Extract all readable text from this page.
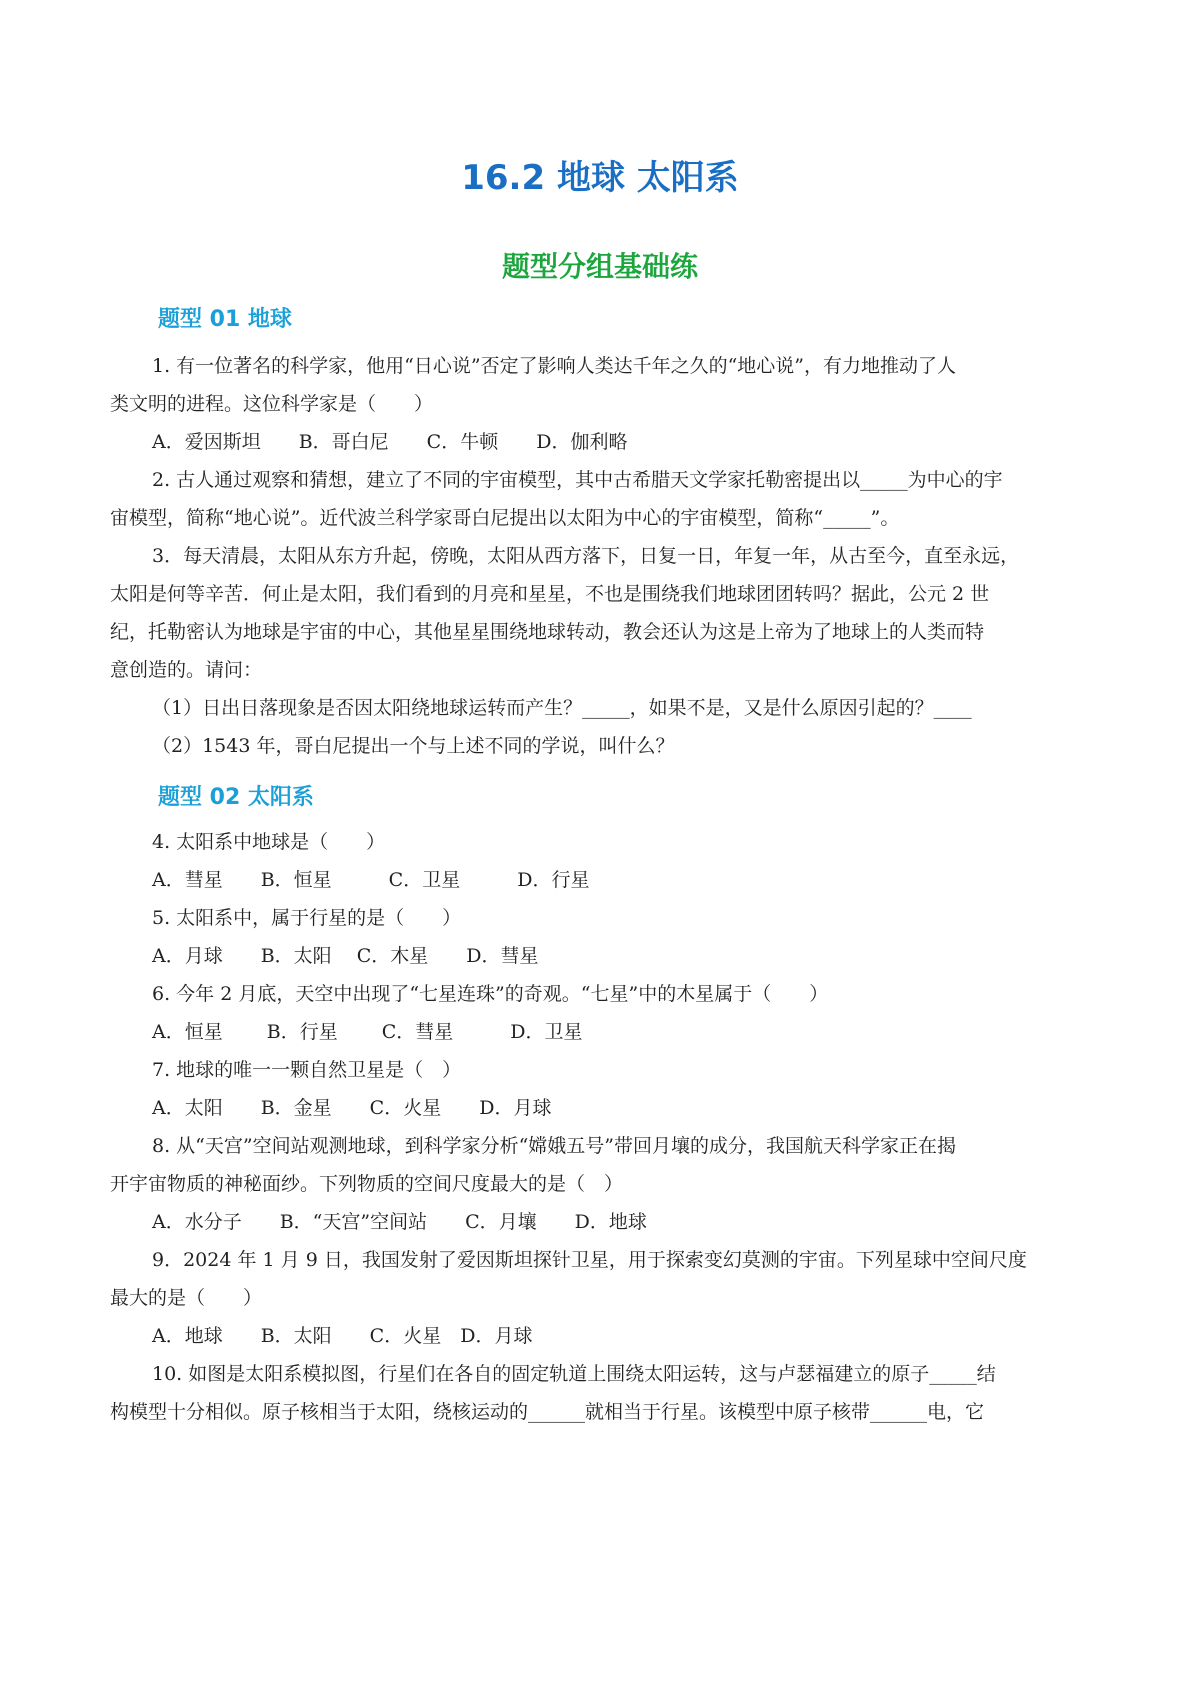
16.2 地球 太阳系
题型分组基础练
题型 01 地球
1. 有一位著名的科学家，他用“日心说”否定了影响人类达千年之久的“地心说”，有力地推动了人
类文明的进程。这位科学家是（　　）
A．爱因斯坦　　B．哥白尼　　C．牛顿　　D．伽利略
2. 古人通过观察和猜想，建立了不同的宇宙模型，其中古希腊天文学家托勒密提出以_____为中心的宇
宙模型，简称“地心说”。近代波兰科学家哥白尼提出以太阳为中心的宇宙模型，简称“_____”。
3．每天清晨，太阳从东方升起，傍晚，太阳从西方落下，日复一日，年复一年，从古至今，直至永远，
太阳是何等辛苦．何止是太阳，我们看到的月亮和星星，不也是围绕我们地球团团转吗？据此，公元 2 世
纪，托勒密认为地球是宇宙的中心，其他星星围绕地球转动，教会还认为这是上帝为了地球上的人类而特
意创造的。请问：
（1）日出日落现象是否因太阳绕地球运转而产生？_____，如果不是，又是什么原因引起的？____
（2）1543 年，哥白尼提出一个与上述不同的学说，叫什么？
题型 02 太阳系
4. 太阳系中地球是（　　）
A．彗星　　B．恒星　　　C．卫星　　　D．行星
5. 太阳系中，属于行星的是（　　）
A．月球　　B．太阳　 C．木星　　D．彗星
6. 今年 2 月底，天空中出现了“七星连珠”的奇观。“七星”中的木星属于（　　）
A．恒星　　 B．行星　　 C．彗星　　　D．卫星
7. 地球的唯一一颗自然卫星是（　）
A．太阳　　B．金星　　C．火星　　D．月球
8. 从“天宫”空间站观测地球，到科学家分析“嫦娥五号”带回月壤的成分，我国航天科学家正在揭
开宇宙物质的神秘面纱。下列物质的空间尺度最大的是（　）
A．水分子　　B．“天宫”空间站　　C．月壤　　D．地球
9．2024 年 1 月 9 日，我国发射了爱因斯坦探针卫星，用于探索变幻莫测的宇宙。下列星球中空间尺度
最大的是（　　）
A．地球　　B．太阳　　C．火星　D．月球
10. 如图是太阳系模拟图，行星们在各自的固定轨道上围绕太阳运转，这与卢瑟福建立的原子_____结
构模型十分相似。原子核相当于太阳，绕核运动的______就相当于行星。该模型中原子核带______电，它
